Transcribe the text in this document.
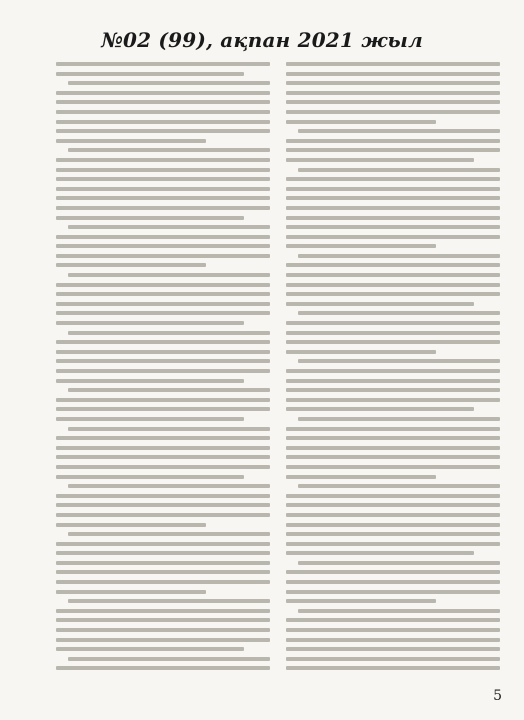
№02 (99), ақпан 2021 жыл
5
